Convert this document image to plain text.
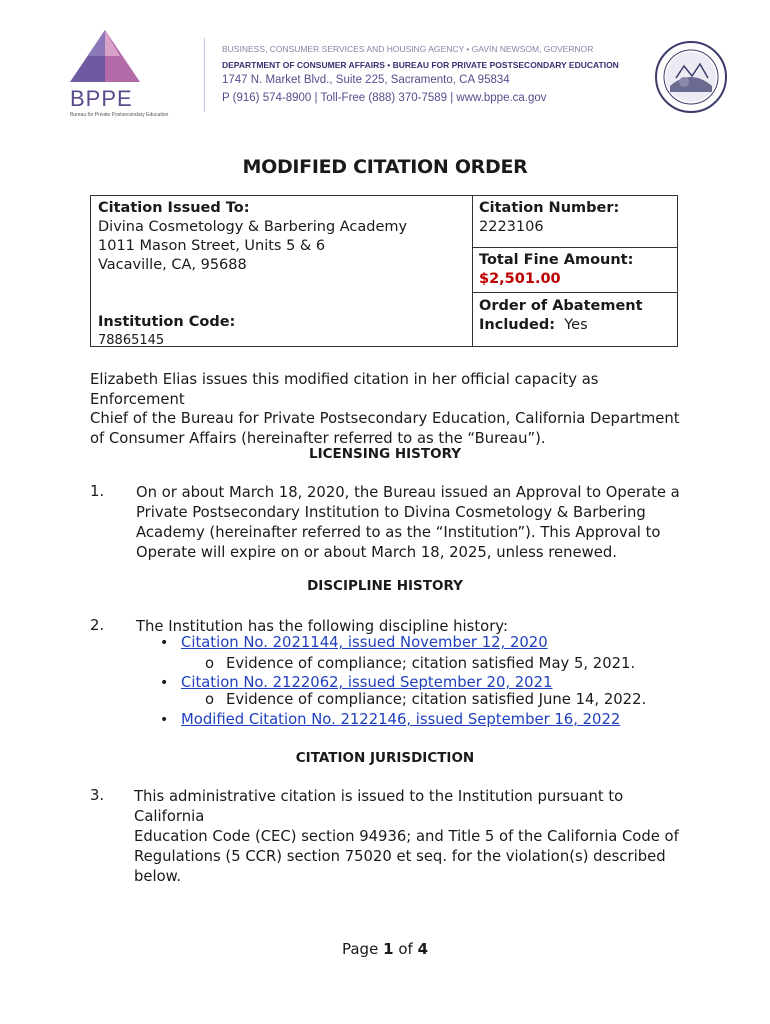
BPPE
Bureau for Private Postsecondary Education
BUSINESS, CONSUMER SERVICES AND HOUSING AGENCY • GAVIN NEWSOM, GOVERNOR
DEPARTMENT OF CONSUMER AFFAIRS • BUREAU FOR PRIVATE POSTSECONDARY EDUCATION
1747 N. Market Blvd., Suite 225, Sacramento, CA 95834
P (916) 574-8900 | Toll-Free (888) 370-7589 | www.bppe.ca.gov
MODIFIED CITATION ORDER
Citation Issued To:
Divina Cosmetology & Barbering Academy
1011 Mason Street, Units 5 & 6
Vacaville, CA, 95688
Institution Code:
78865145
Citation Number:
2223106
Total Fine Amount:
$2,501.00
Order of Abatement
Included: Yes
Elizabeth Elias issues this modified citation in her official capacity as Enforcement
Chief of the Bureau for Private Postsecondary Education, California Department
of Consumer Affairs (hereinafter referred to as the “Bureau”).
LICENSING HISTORY
1. On or about March 18, 2020, the Bureau issued an Approval to Operate a
Private Postsecondary Institution to Divina Cosmetology & Barbering
Academy (hereinafter referred to as the “Institution”). This Approval to
Operate will expire on or about March 18, 2025, unless renewed.
DISCIPLINE HISTORY
2. The Institution has the following discipline history:
• Citation No. 2021144, issued November 12, 2020
o Evidence of compliance; citation satisfied May 5, 2021.
• Citation No. 2122062, issued September 20, 2021
o Evidence of compliance; citation satisfied June 14, 2022.
• Modified Citation No. 2122146, issued September 16, 2022
CITATION JURISDICTION
3. This administrative citation is issued to the Institution pursuant to California
Education Code (CEC) section 94936; and Title 5 of the California Code of
Regulations (5 CCR) section 75020 et seq. for the violation(s) described
below.
Page 1 of 4
